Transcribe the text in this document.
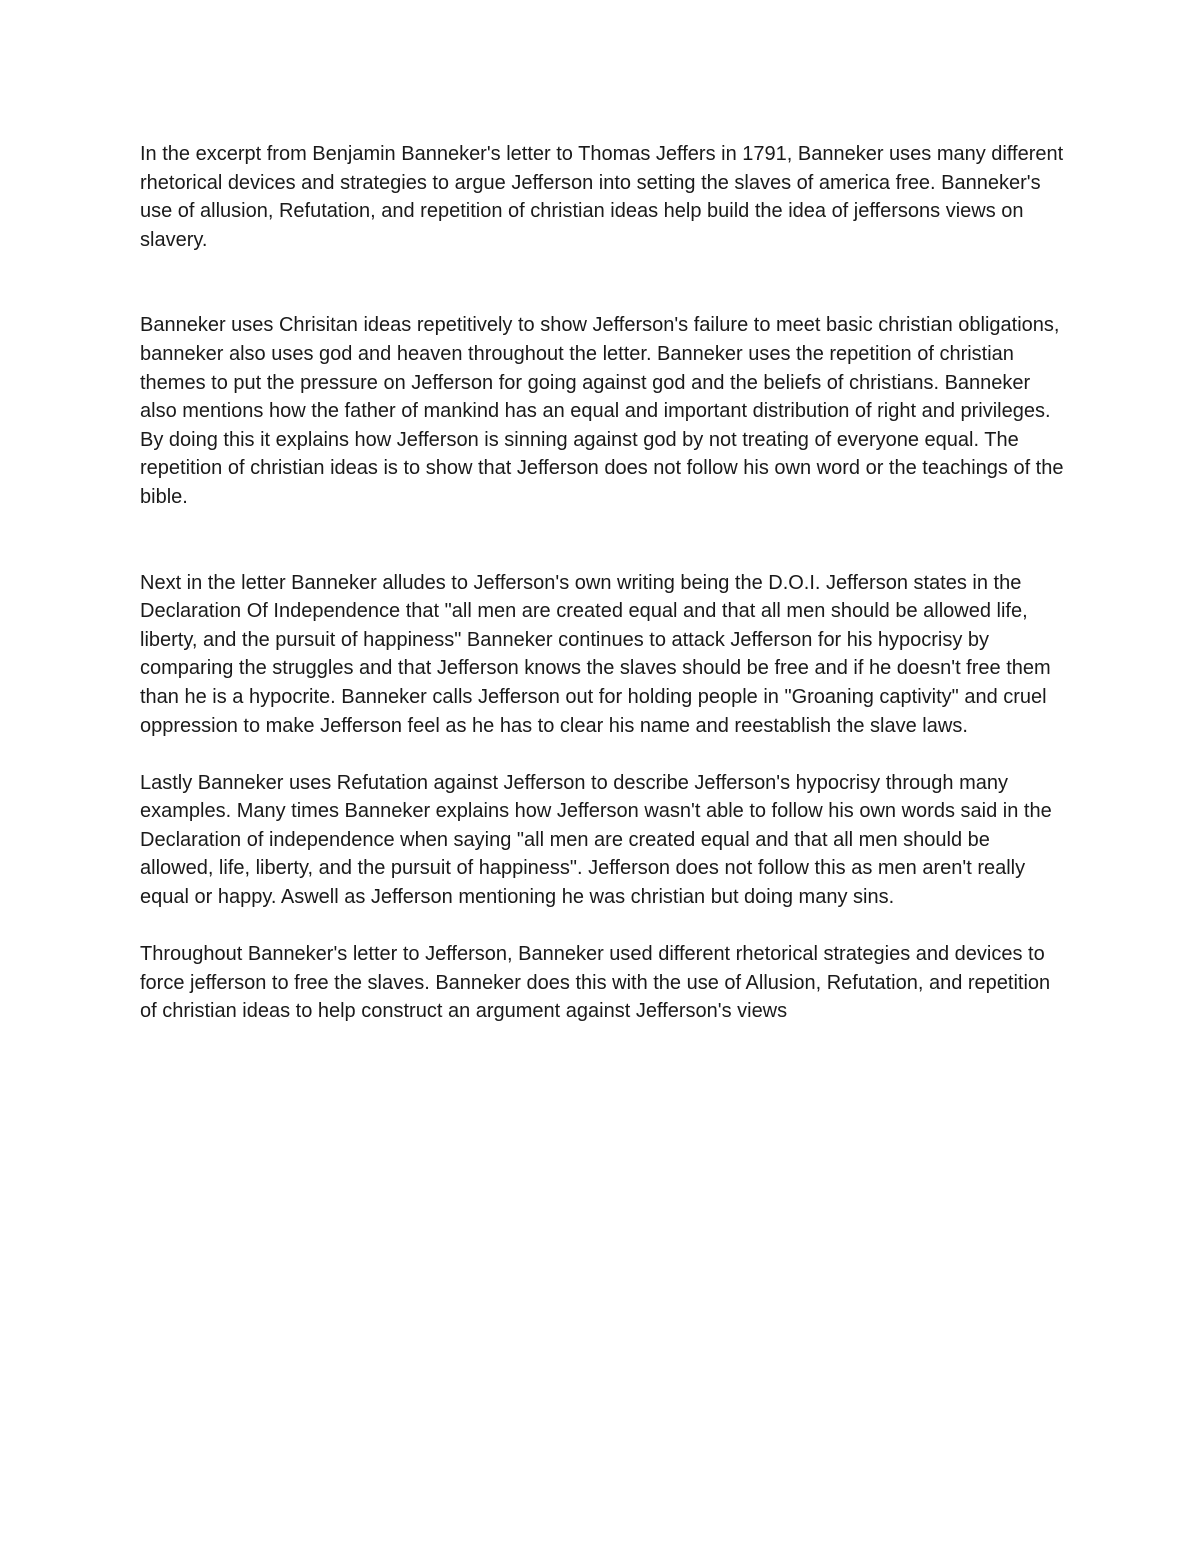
In the excerpt from Benjamin Banneker's letter to Thomas Jeffers in 1791, Banneker uses many different rhetorical devices and strategies to argue Jefferson into setting the slaves of america free. Banneker's use of allusion, Refutation, and repetition of christian ideas help build the idea of jeffersons views on slavery.

Banneker uses Chrisitan ideas repetitively to show Jefferson's failure to meet basic christian obligations, banneker also uses god and heaven throughout the letter. Banneker uses the repetition of christian themes to put the pressure on Jefferson for going against god and the beliefs of christians. Banneker also mentions how the father of mankind has an equal and important distribution of right and privileges. By doing this it explains how Jefferson is sinning against god by not treating of everyone equal. The repetition of christian ideas is to show that Jefferson does not follow his own word or the teachings of the bible.

Next in the letter Banneker alludes to Jefferson's own writing being the D.O.I. Jefferson states in the Declaration Of Independence that "all men are created equal and that all men should be allowed life, liberty, and the pursuit of happiness" Banneker continues to attack Jefferson for his hypocrisy by comparing the struggles and that Jefferson knows the slaves should be free and if he doesn't free them than he is a hypocrite. Banneker calls Jefferson out for holding people in "Groaning captivity" and cruel oppression to make Jefferson feel as he has to clear his name and reestablish the slave laws.

Lastly Banneker uses Refutation against Jefferson to describe Jefferson's hypocrisy through many examples. Many times Banneker explains how Jefferson wasn't able to follow his own words said in the Declaration of independence when saying "all men are created equal and that all men should be allowed, life, liberty, and the pursuit of happiness". Jefferson does not follow this as men aren't really equal or happy. Aswell as Jefferson mentioning he was christian but doing many sins.

Throughout Banneker's letter to Jefferson, Banneker used different rhetorical strategies and devices to force jefferson to free the slaves. Banneker does this with the use of Allusion, Refutation, and repetition of christian ideas to help construct an argument against Jefferson's views
